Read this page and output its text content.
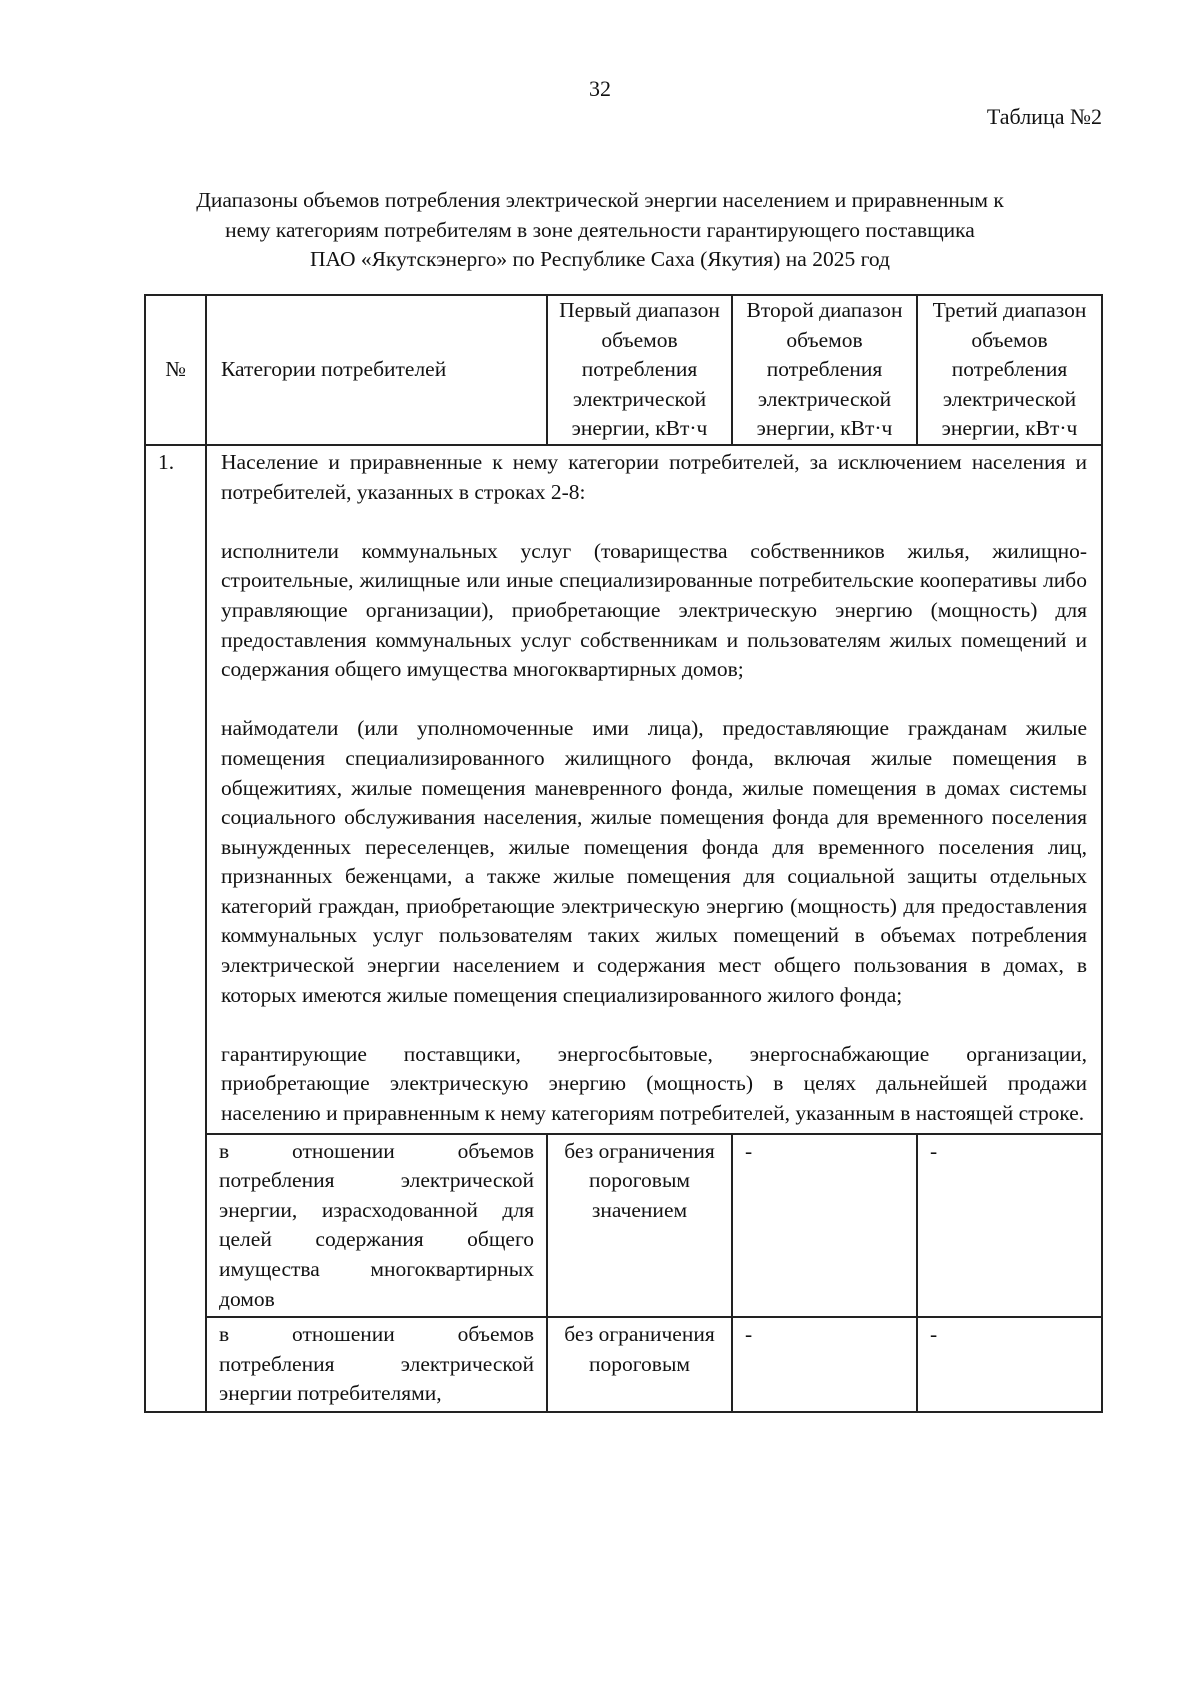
32
Таблица №2
Диапазоны объемов потребления электрической энергии населением и приравненным к
нему категориям потребителям в зоне деятельности гарантирующего поставщика
ПАО «Якутскэнерго» по Республике Саха (Якутия) на 2025 год
№	Категории потребителей	Первый диапазон объемов потребления электрической энергии, кВт·ч	Второй диапазон объемов потребления электрической энергии, кВт·ч	Третий диапазон объемов потребления электрической энергии, кВт·ч
1.	Население и приравненные к нему категории потребителей, за исключением населения и потребителей, указанных в строках 2-8:

исполнители коммунальных услуг (товарищества собственников жилья, жилищно-строительные, жилищные или иные специализированные потребительские кооперативы либо управляющие организации), приобретающие электрическую энергию (мощность) для предоставления коммунальных услуг собственникам и пользователям жилых помещений и содержания общего имущества многоквартирных домов;

наймодатели (или уполномоченные ими лица), предоставляющие гражданам жилые помещения специализированного жилищного фонда, включая жилые помещения в общежитиях, жилые помещения маневренного фонда, жилые помещения в домах системы социального обслуживания населения, жилые помещения фонда для временного поселения вынужденных переселенцев, жилые помещения фонда для временного поселения лиц, признанных беженцами, а также жилые помещения для социальной защиты отдельных категорий граждан, приобретающие электрическую энергию (мощность) для предоставления коммунальных услуг пользователям таких жилых помещений в объемах потребления электрической энергии населением и содержания мест общего пользования в домах, в которых имеются жилые помещения специализированного жилого фонда;

гарантирующие поставщики, энергосбытовые, энергоснабжающие организации, приобретающие электрическую энергию (мощность) в целях дальнейшей продажи населению и приравненным к нему категориям потребителей, указанным в настоящей строке.			

	в отношении объемов потребления электрической энергии, израсходованной для целей содержания общего имущества многоквартирных домов	без ограничения пороговым значением	-	-
	в отношении объемов потребления электрической энергии потребителями,	без ограничения пороговым	-	-
